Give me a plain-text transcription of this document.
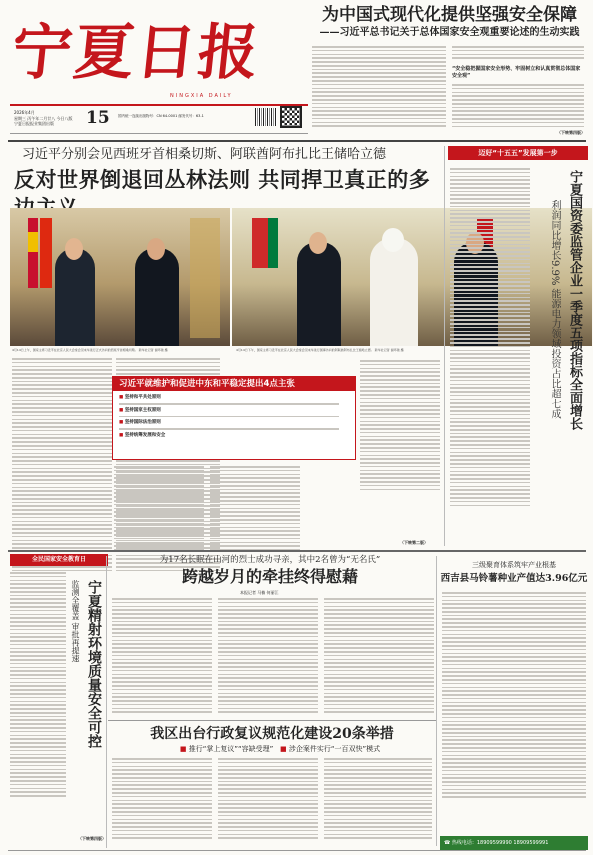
宁夏日报
NINGXIA DAILY
2026年4月
星期三 丙午年二月廿八 今日八版
宁夏日报报业集团出版	15 国内统一连续出版物号：CN 64-0001 邮发代号：63-1
为中国式现代化提供坚强安全保障
——习近平总书记关于总体国家安全观重要论述的生动实践
“安全稳把握国家安全形势、牢固树立和认真贯彻总体国家安全观”
（下转第四版）
习近平分别会见西班牙首相桑切斯、阿联酋阿布扎比王储哈立德
反对世界倒退回丛林法则 共同捍卫真正的多
4月14日上午，国家主席习近平在北京人民大会堂会见来华进行正式访问的西班牙首相桑切斯。 新华社记者 谢环驰 摄	4月14日下午，国家主席习近平在北京人民大会堂会见来华进行国事访问的阿联酋阿布扎比王储哈立德。 新华社记者 谢环驰 摄
习近平就维护和促进中东和平稳定提出4点主张
■ 坚持和平共处原则
■ 坚持国家主权原则
■ 坚持国际法治原则
■ 坚持统筹发展和安全
（下转第二版）
迈好“十五五”发展第一步
宁夏国资委监管企业一季度五项指标全面增长
利润同比增长9.9% 能源电力领域投资占比超七成
全民国家安全教育日
宁夏精射环境质量安全可控
监测全覆盖 审批再提速
（下转第四版）
为17名长眠在山河的烈士成功寻亲，其中2名曾为“无名氏”
跨越岁月的牵挂终得慰藉
本报记者 马楠 何丽江
三级聚育体系筑牢产业根基
西吉县马铃薯种业产值达3.96亿元
我区出台行政复议规范化建设20条举措
■ 推行“掌上复议”“容缺受理” ■ 涉企案件实行“一百双快”模式
☎ 热线电话：18909599990 18909599991
